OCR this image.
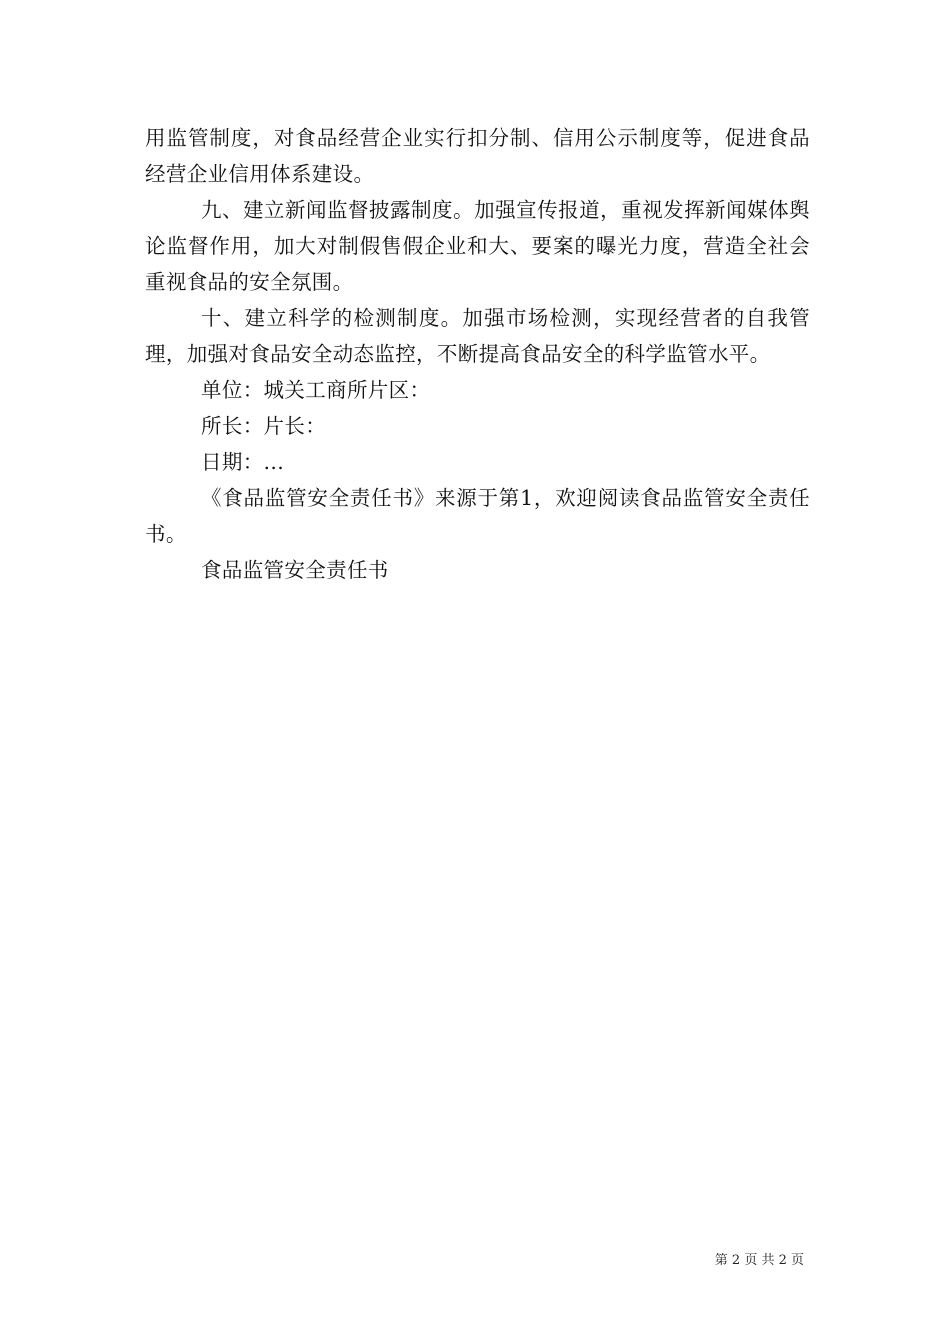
用监管制度，对食品经营企业实行扣分制、信用公示制度等，促进食品经营企业信用体系建设。

九、建立新闻监督披露制度。加强宣传报道，重视发挥新闻媒体舆论监督作用，加大对制假售假企业和大、要案的曝光力度，营造全社会重视食品的安全氛围。

十、建立科学的检测制度。加强市场检测，实现经营者的自我管理，加强对食品安全动态监控，不断提高食品安全的科学监管水平。

单位：城关工商所片区：

所长：片长：

日期：...

《食品监管安全责任书》来源于第1，欢迎阅读食品监管安全责任书。

食品监管安全责任书

第 2 页 共 2 页
